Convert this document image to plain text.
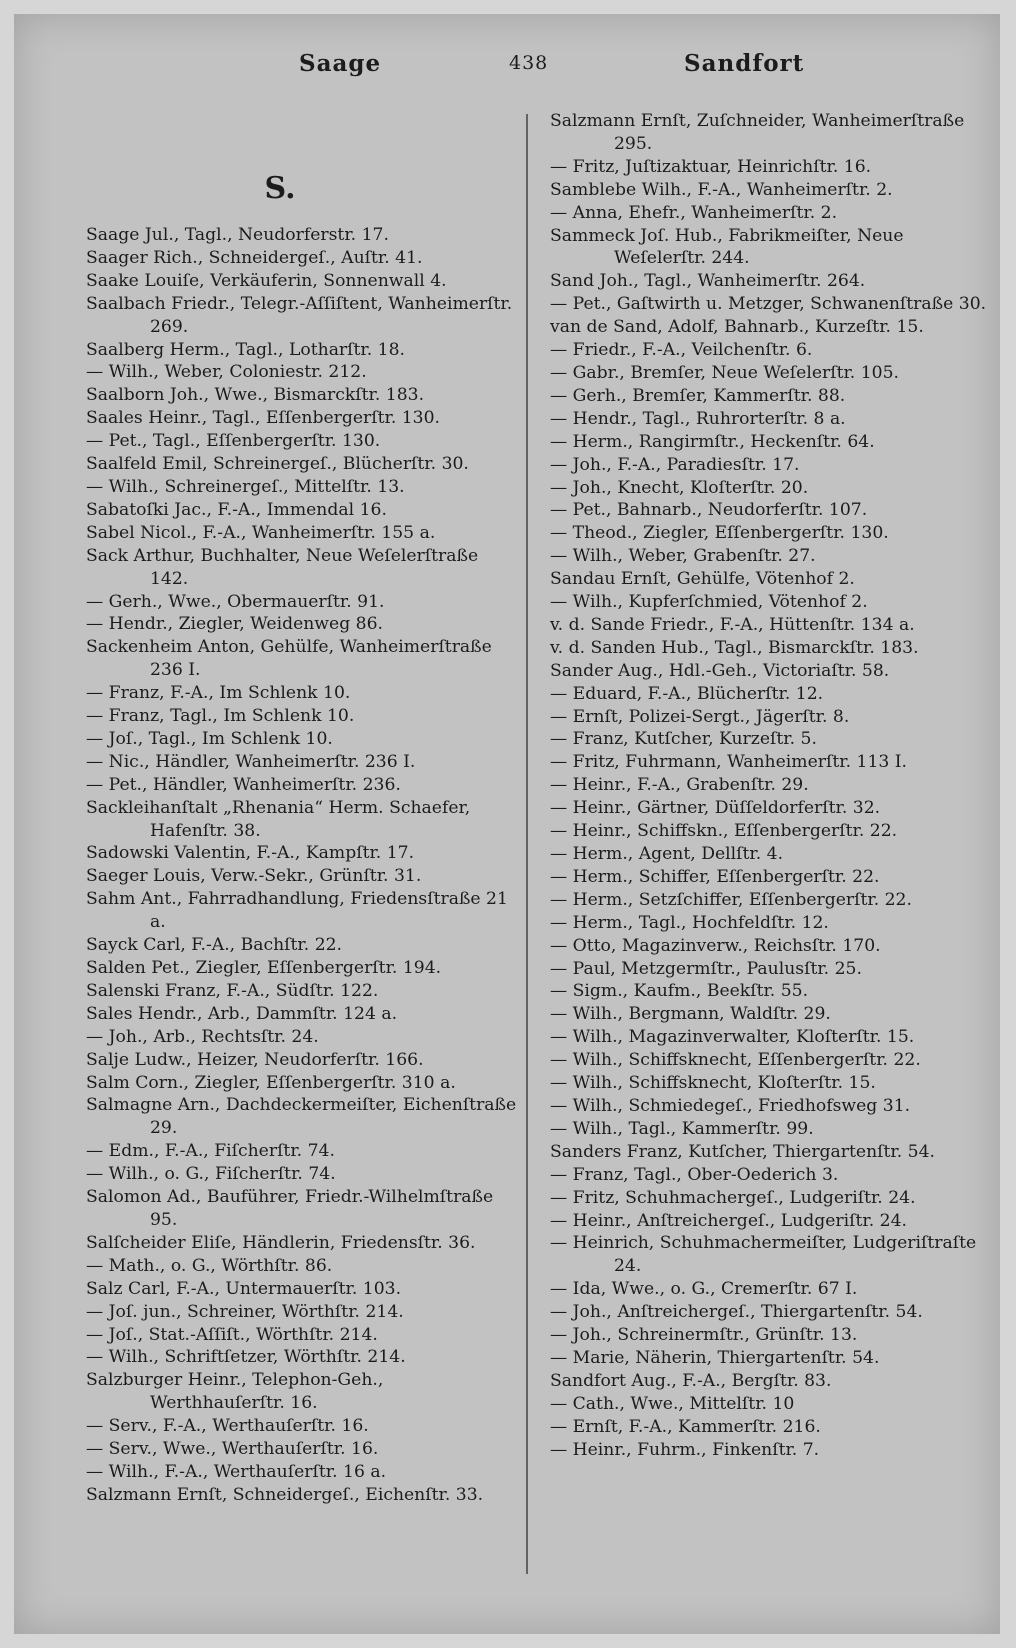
Saage	438	Sandfort
S.
Saage Jul., Tagl., Neudorferstr. 17.
Saager Rich., Schneidergeſ., Auſtr. 41.
Saake Louiſe, Verkäuferin, Sonnenwall 4.
Saalbach Friedr., Telegr.-Aſſiſtent, Wanheimerſtr. 269.
Saalberg Herm., Tagl., Lotharſtr. 18.
— Wilh., Weber, Coloniestr. 212.
Saalborn Joh., Wwe., Bismarckſtr. 183.
Saales Heinr., Tagl., Eſſenbergerſtr. 130.
— Pet., Tagl., Eſſenbergerſtr. 130.
Saalfeld Emil, Schreinergeſ., Blücherſtr. 30.
— Wilh., Schreinergeſ., Mittelſtr. 13.
Sabatoſki Jac., F.-A., Immendal 16.
Sabel Nicol., F.-A., Wanheimerſtr. 155 a.
Sack Arthur, Buchhalter, Neue Weſelerſtraße 142.
— Gerh., Wwe., Obermauerſtr. 91.
— Hendr., Ziegler, Weidenweg 86.
Sackenheim Anton, Gehülfe, Wanheimerſtraße 236 I.
— Franz, F.-A., Im Schlenk 10.
— Franz, Tagl., Im Schlenk 10.
— Joſ., Tagl., Im Schlenk 10.
— Nic., Händler, Wanheimerſtr. 236 I.
— Pet., Händler, Wanheimerſtr. 236.
Sackleihanſtalt „Rhenania“ Herm. Schaefer, Hafenſtr. 38.
Sadowski Valentin, F.-A., Kampſtr. 17.
Saeger Louis, Verw.-Sekr., Grünſtr. 31.
Sahm Ant., Fahrradhandlung, Friedensſtraße 21 a.
Sayck Carl, F.-A., Bachſtr. 22.
Salden Pet., Ziegler, Eſſenbergerſtr. 194.
Salenski Franz, F.-A., Südſtr. 122.
Sales Hendr., Arb., Dammſtr. 124 a.
— Joh., Arb., Rechtsſtr. 24.
Salje Ludw., Heizer, Neudorferſtr. 166.
Salm Corn., Ziegler, Eſſenbergerſtr. 310 a.
Salmagne Arn., Dachdeckermeiſter, Eichenſtraße 29.
— Edm., F.-A., Fiſcherſtr. 74.
— Wilh., o. G., Fiſcherſtr. 74.
Salomon Ad., Bauführer, Friedr.-Wilhelmſtraße 95.
Salſcheider Eliſe, Händlerin, Friedensſtr. 36.
— Math., o. G., Wörthſtr. 86.
Salz Carl, F.-A., Untermauerſtr. 103.
— Joſ. jun., Schreiner, Wörthſtr. 214.
— Joſ., Stat.-Aſſiſt., Wörthſtr. 214.
— Wilh., Schriftſetzer, Wörthſtr. 214.
Salzburger Heinr., Telephon-Geh., Werthhauſerſtr. 16.
— Serv., F.-A., Werthauſerſtr. 16.
— Serv., Wwe., Werthauſerſtr. 16.
— Wilh., F.-A., Werthauſerſtr. 16 a.
Salzmann Ernſt, Schneidergeſ., Eichenſtr. 33.
Salzmann Ernſt, Zuſchneider, Wanheimerſtraße 295.
— Fritz, Juſtizaktuar, Heinrichſtr. 16.
Samblebe Wilh., F.-A., Wanheimerſtr. 2.
— Anna, Ehefr., Wanheimerſtr. 2.
Sammeck Joſ. Hub., Fabrikmeiſter, Neue Weſelerſtr. 244.
Sand Joh., Tagl., Wanheimerſtr. 264.
— Pet., Gaſtwirth u. Metzger, Schwanenſtraße 30.
van de Sand, Adolf, Bahnarb., Kurzeſtr. 15.
— Friedr., F.-A., Veilchenſtr. 6.
— Gabr., Bremſer, Neue Weſelerſtr. 105.
— Gerh., Bremſer, Kammerſtr. 88.
— Hendr., Tagl., Ruhrorterſtr. 8 a.
— Herm., Rangirmſtr., Heckenſtr. 64.
— Joh., F.-A., Paradiesſtr. 17.
— Joh., Knecht, Kloſterſtr. 20.
— Pet., Bahnarb., Neudorferſtr. 107.
— Theod., Ziegler, Eſſenbergerſtr. 130.
— Wilh., Weber, Grabenſtr. 27.
Sandau Ernſt, Gehülfe, Vötenhof 2.
— Wilh., Kupferſchmied, Vötenhof 2.
v. d. Sande Friedr., F.-A., Hüttenſtr. 134 a.
v. d. Sanden Hub., Tagl., Bismarckſtr. 183.
Sander Aug., Hdl.-Geh., Victoriaſtr. 58.
— Eduard, F.-A., Blücherſtr. 12.
— Ernſt, Polizei-Sergt., Jägerſtr. 8.
— Franz, Kutſcher, Kurzeſtr. 5.
— Fritz, Fuhrmann, Wanheimerſtr. 113 I.
— Heinr., F.-A., Grabenſtr. 29.
— Heinr., Gärtner, Düſſeldorferſtr. 32.
— Heinr., Schiffskn., Eſſenbergerſtr. 22.
— Herm., Agent, Dellſtr. 4.
— Herm., Schiffer, Eſſenbergerſtr. 22.
— Herm., Setzſchiffer, Eſſenbergerſtr. 22.
— Herm., Tagl., Hochfeldſtr. 12.
— Otto, Magazinverw., Reichsſtr. 170.
— Paul, Metzgermſtr., Paulusſtr. 25.
— Sigm., Kaufm., Beekſtr. 55.
— Wilh., Bergmann, Waldſtr. 29.
— Wilh., Magazinverwalter, Kloſterſtr. 15.
— Wilh., Schiffsknecht, Eſſenbergerſtr. 22.
— Wilh., Schiffsknecht, Kloſterſtr. 15.
— Wilh., Schmiedegeſ., Friedhofsweg 31.
— Wilh., Tagl., Kammerſtr. 99.
Sanders Franz, Kutſcher, Thiergartenſtr. 54.
— Franz, Tagl., Ober-Oederich 3.
— Fritz, Schuhmachergeſ., Ludgeriſtr. 24.
— Heinr., Anſtreichergeſ., Ludgeriſtr. 24.
— Heinrich, Schuhmachermeiſter, Ludgeriſtraſte 24.
— Ida, Wwe., o. G., Cremerſtr. 67 I.
— Joh., Anſtreichergeſ., Thiergartenſtr. 54.
— Joh., Schreinermſtr., Grünſtr. 13.
— Marie, Näherin, Thiergartenſtr. 54.
Sandfort Aug., F.-A., Bergſtr. 83.
— Cath., Wwe., Mittelſtr. 10
— Ernſt, F.-A., Kammerſtr. 216.
— Heinr., Fuhrm., Finkenſtr. 7.
